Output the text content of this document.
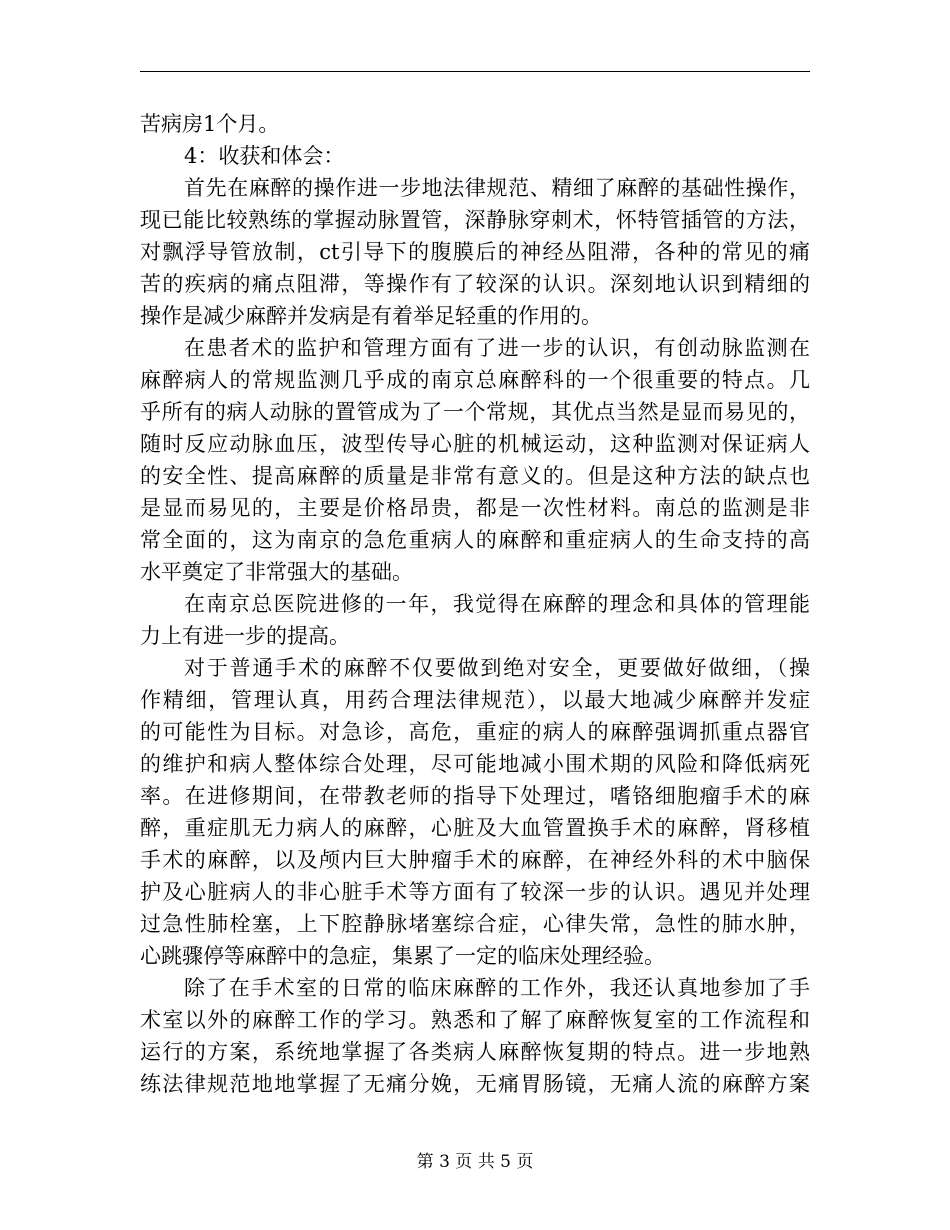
苦病房1个月。
4：收获和体会：
首先在麻醉的操作进一步地法律规范、精细了麻醉的基础性操作，
现已能比较熟练的掌握动脉置管，深静脉穿刺术，怀特管插管的方法，
对飘浮导管放制，ct引导下的腹膜后的神经丛阻滞，各种的常见的痛
苦的疾病的痛点阻滞，等操作有了较深的认识。深刻地认识到精细的
操作是减少麻醉并发病是有着举足轻重的作用的。
在患者术的监护和管理方面有了进一步的认识，有创动脉监测在
麻醉病人的常规监测几乎成的南京总麻醉科的一个很重要的特点。几
乎所有的病人动脉的置管成为了一个常规，其优点当然是显而易见的，
随时反应动脉血压，波型传导心脏的机械运动，这种监测对保证病人
的安全性、提高麻醉的质量是非常有意义的。但是这种方法的缺点也
是显而易见的，主要是价格昂贵，都是一次性材料。南总的监测是非
常全面的，这为南京的急危重病人的麻醉和重症病人的生命支持的高
水平奠定了非常强大的基础。
在南京总医院进修的一年，我觉得在麻醉的理念和具体的管理能
力上有进一步的提高。
对于普通手术的麻醉不仅要做到绝对安全，更要做好做细，（操
作精细，管理认真，用药合理法律规范），以最大地减少麻醉并发症
的可能性为目标。对急诊，高危，重症的病人的麻醉强调抓重点器官
的维护和病人整体综合处理，尽可能地减小围术期的风险和降低病死
率。在进修期间，在带教老师的指导下处理过，嗜铬细胞瘤手术的麻
醉，重症肌无力病人的麻醉，心脏及大血管置换手术的麻醉，肾移植
手术的麻醉，以及颅内巨大肿瘤手术的麻醉，在神经外科的术中脑保
护及心脏病人的非心脏手术等方面有了较深一步的认识。遇见并处理
过急性肺栓塞，上下腔静脉堵塞综合症，心律失常，急性的肺水肿，
心跳骤停等麻醉中的急症，集累了一定的临床处理经验。
除了在手术室的日常的临床麻醉的工作外，我还认真地参加了手
术室以外的麻醉工作的学习。熟悉和了解了麻醉恢复室的工作流程和
运行的方案，系统地掌握了各类病人麻醉恢复期的特点。进一步地熟
练法律规范地地掌握了无痛分娩，无痛胃肠镜，无痛人流的麻醉方案
第 3 页 共 5 页
